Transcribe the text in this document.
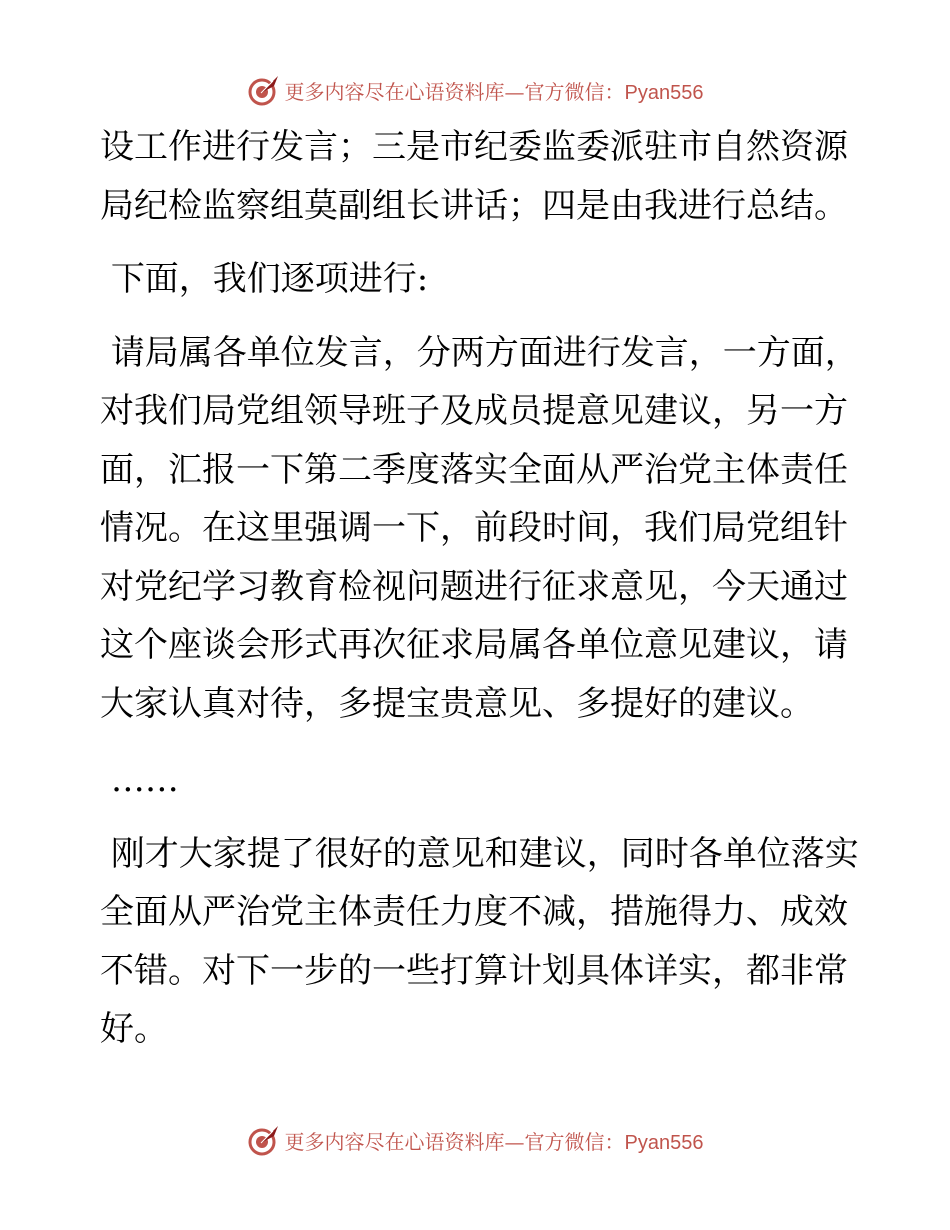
更多内容尽在心语资料库—官方微信：Pyan556

设工作进行发言；三是市纪委监委派驻市自然资源局纪检监察组莫副组长讲话；四是由我进行总结。

下面，我们逐项进行:

请局属各单位发言，分两方面进行发言，一方面，对我们局党组领导班子及成员提意见建议，另一方面，汇报一下第二季度落实全面从严治党主体责任情况。在这里强调一下，前段时间，我们局党组针对党纪学习教育检视问题进行征求意见，今天通过这个座谈会形式再次征求局属各单位意见建议，请大家认真对待，多提宝贵意见、多提好的建议。

……

刚才大家提了很好的意见和建议，同时各单位落实全面从严治党主体责任力度不减，措施得力、成效不错。对下一步的一些打算计划具体详实，都非常好。

更多内容尽在心语资料库—官方微信：Pyan556
